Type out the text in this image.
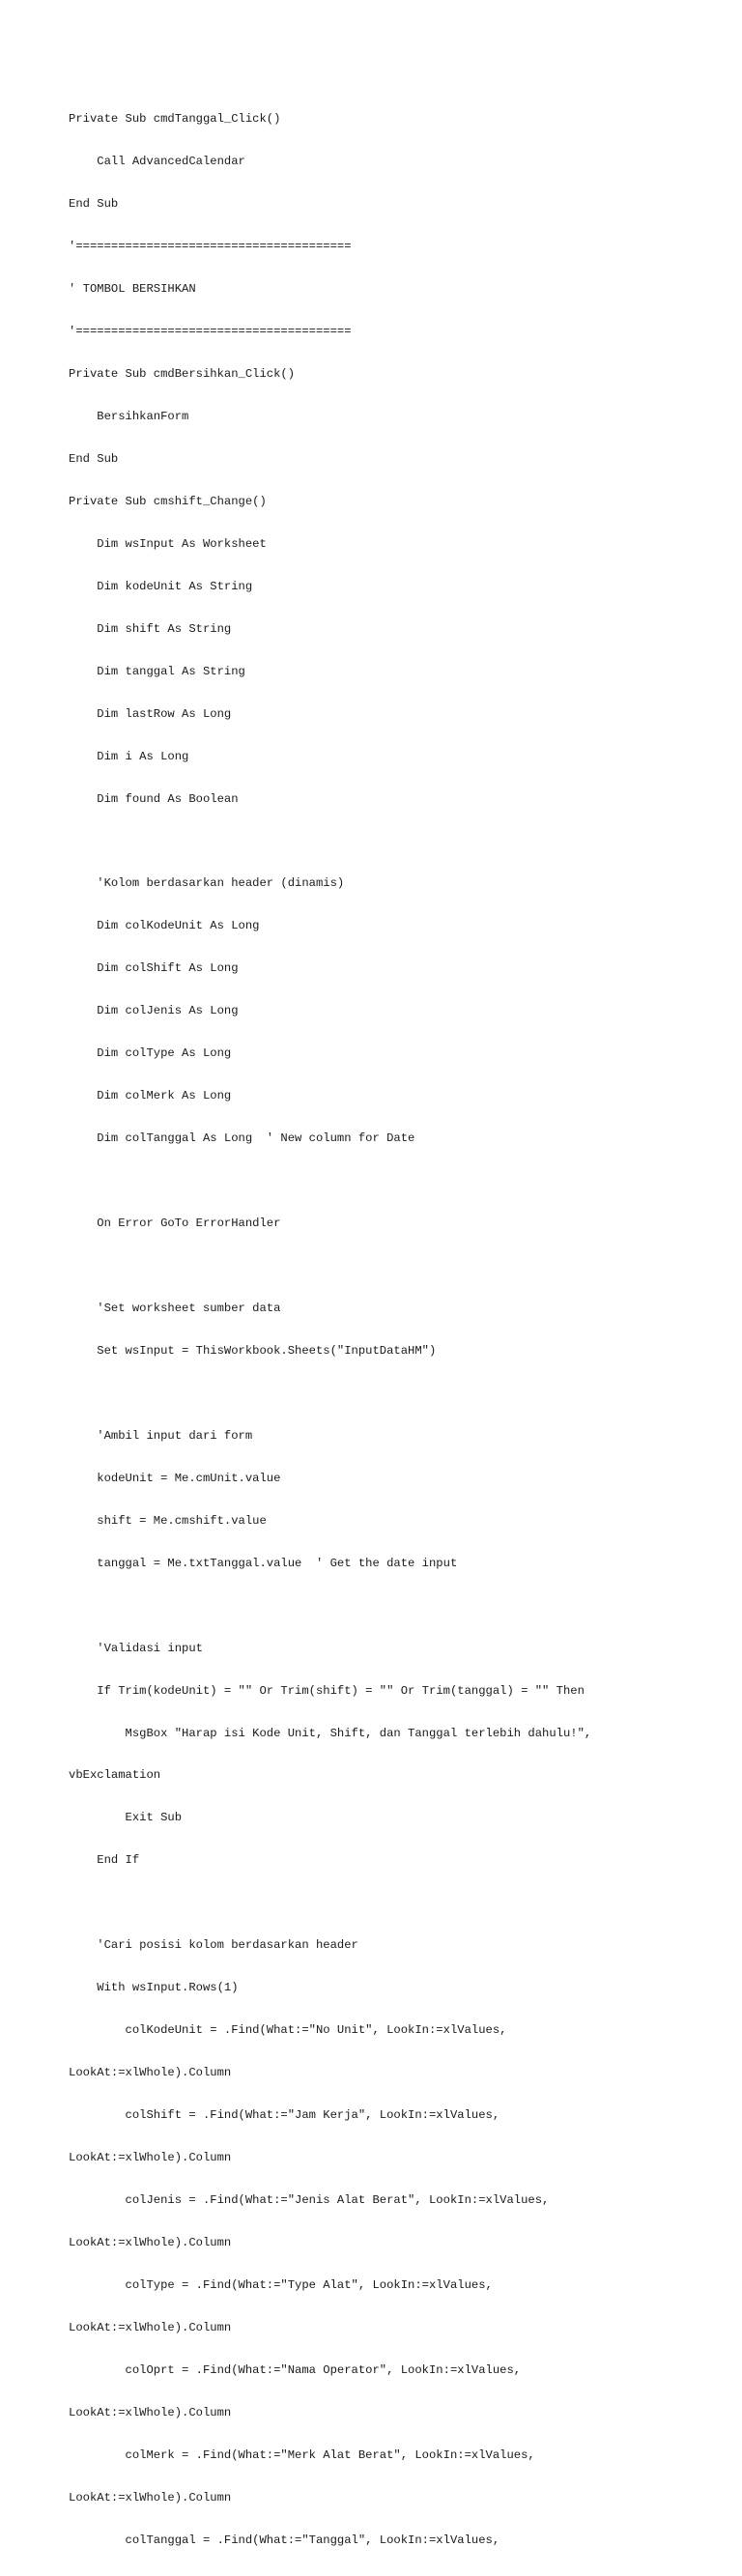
Private Sub cmdTanggal_Click()

Call AdvancedCalendar

End Sub

'=======================================

' TOMBOL BERSIHKAN

'=======================================

Private Sub cmdBersihkan_Click()

BersihkanForm

End Sub

Private Sub cmshift_Change()

Dim wsInput As Worksheet

Dim kodeUnit As String

Dim shift As String

Dim tanggal As String

Dim lastRow As Long

Dim i As Long

Dim found As Boolean

'Kolom berdasarkan header (dinamis)

Dim colKodeUnit As Long

Dim colShift As Long

Dim colJenis As Long

Dim colType As Long

Dim colMerk As Long

Dim colTanggal As Long  ' New column for Date

On Error GoTo ErrorHandler

'Set worksheet sumber data

Set wsInput = ThisWorkbook.Sheets("InputDataHM")

'Ambil input dari form

kodeUnit = Me.cmUnit.value

shift = Me.cmshift.value

tanggal = Me.txtTanggal.value  ' Get the date input

'Validasi input

If Trim(kodeUnit) = "" Or Trim(shift) = "" Or Trim(tanggal) = "" Then

MsgBox "Harap isi Kode Unit, Shift, dan Tanggal terlebih dahulu!",

vbExclamation

Exit Sub

End If

'Cari posisi kolom berdasarkan header

With wsInput.Rows(1)

colKodeUnit = .Find(What:="No Unit", LookIn:=xlValues,

LookAt:=xlWhole).Column

colShift = .Find(What:="Jam Kerja", LookIn:=xlValues,

LookAt:=xlWhole).Column

colJenis = .Find(What:="Jenis Alat Berat", LookIn:=xlValues,

LookAt:=xlWhole).Column

colType = .Find(What:="Type Alat", LookIn:=xlValues,

LookAt:=xlWhole).Column

colOprt = .Find(What:="Nama Operator", LookIn:=xlValues,

LookAt:=xlWhole).Column

colMerk = .Find(What:="Merk Alat Berat", LookIn:=xlValues,

LookAt:=xlWhole).Column

colTanggal = .Find(What:="Tanggal", LookIn:=xlValues,
